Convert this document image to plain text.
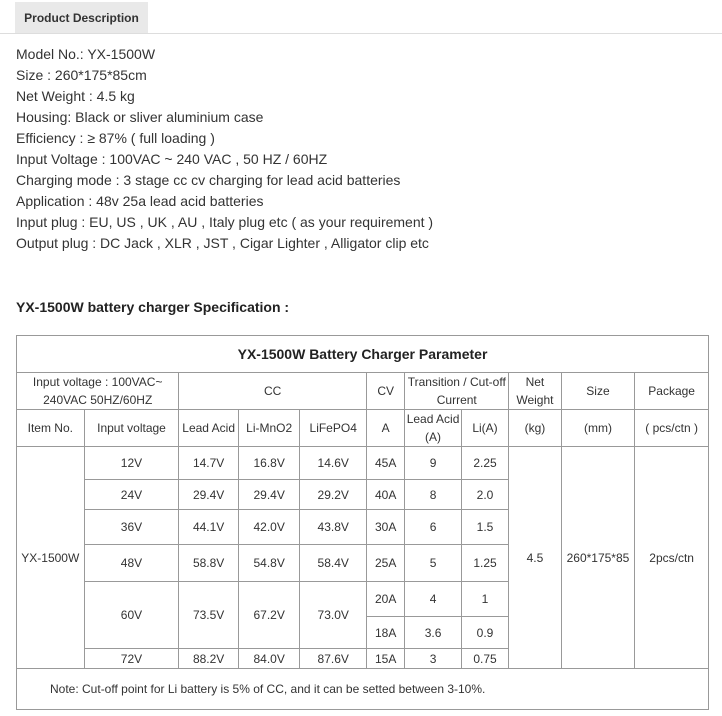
Product Description
Model No.: YX-1500W
Size : 260*175*85cm
Net Weight : 4.5 kg
Housing: Black or sliver aluminium case
Efficiency : ≥ 87% ( full loading )
Input Voltage : 100VAC ~ 240 VAC , 50 HZ / 60HZ
Charging mode : 3 stage cc cv charging for lead acid batteries
Application : 48v 25a lead acid batteries
Input plug : EU, US , UK , AU , Italy plug etc ( as your requirement )
Output plug : DC Jack , XLR , JST , Cigar Lighter , Alligator clip etc
YX-1500W battery charger Specification :
YX-1500W Battery Charger Parameter										
Input voltage : 100VAC~ 240VAC 50HZ/60HZ		CC			CV	Transition / Cut-off Current		Net Weight	Size	Package
Item No.	Input voltage	Lead Acid	Li-MnO2	LiFePO4	A	Lead Acid (A)	Li(A)	(kg)	(mm)	( pcs/ctn )
YX-1500W	12V	14.7V	16.8V	14.6V	45A	9	2.25	4.5	260*175*85	2pcs/ctn
	24V	29.4V	29.4V	29.2V	40A	8	2.0			
	36V	44.1V	42.0V	43.8V	30A	6	1.5			
	48V	58.8V	54.8V	58.4V	25A	5	1.25			
	60V	73.5V	67.2V	73.0V	20A	4	1			
					18A	3.6	0.9			
	72V	88.2V	84.0V	87.6V	15A	3	0.75			
Note: Cut-off point for Li battery is 5% of CC, and it can be setted between 3-10%.										
